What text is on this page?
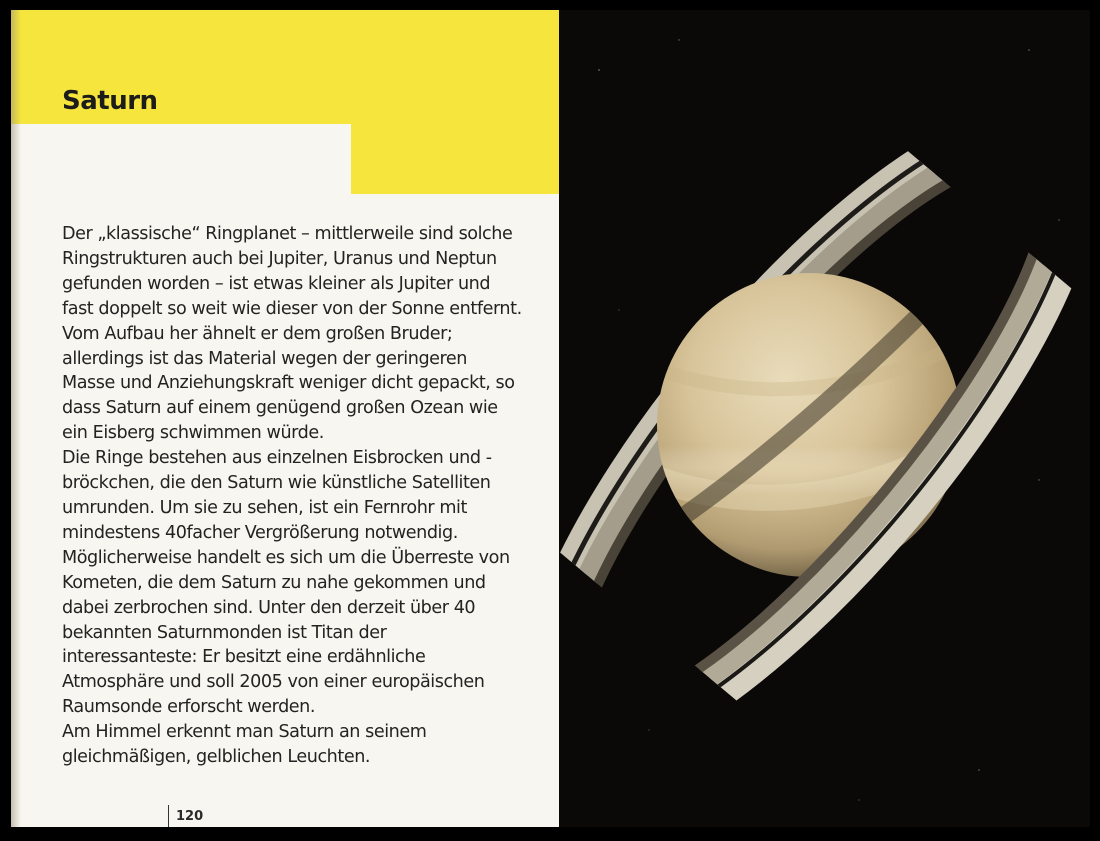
Saturn

Der „klassische“ Ringplanet – mittlerweile sind solche Ringstrukturen auch bei Jupiter, Uranus und Neptun gefunden worden – ist etwas kleiner als Jupiter und fast doppelt so weit wie dieser von der Sonne entfernt. Vom Aufbau her ähnelt er dem großen Bruder; allerdings ist das Material wegen der geringeren Masse und Anziehungskraft weniger dicht gepackt, so dass Saturn auf einem genügend großen Ozean wie ein Eisberg schwimmen würde.

Die Ringe bestehen aus einzelnen Eisbrocken und -bröckchen, die den Saturn wie künstliche Satelliten umrunden. Um sie zu sehen, ist ein Fernrohr mit mindestens 40facher Vergrößerung notwendig. Möglicherweise handelt es sich um die Überreste von Kometen, die dem Saturn zu nahe gekommen und dabei zerbrochen sind. Unter den derzeit über 40 bekannten Saturnmonden ist Titan der interessanteste: Er besitzt eine erdähnliche Atmosphäre und soll 2005 von einer europäischen Raumsonde erforscht werden.

Am Himmel erkennt man Saturn an seinem gleichmäßigen, gelblichen Leuchten.

120
